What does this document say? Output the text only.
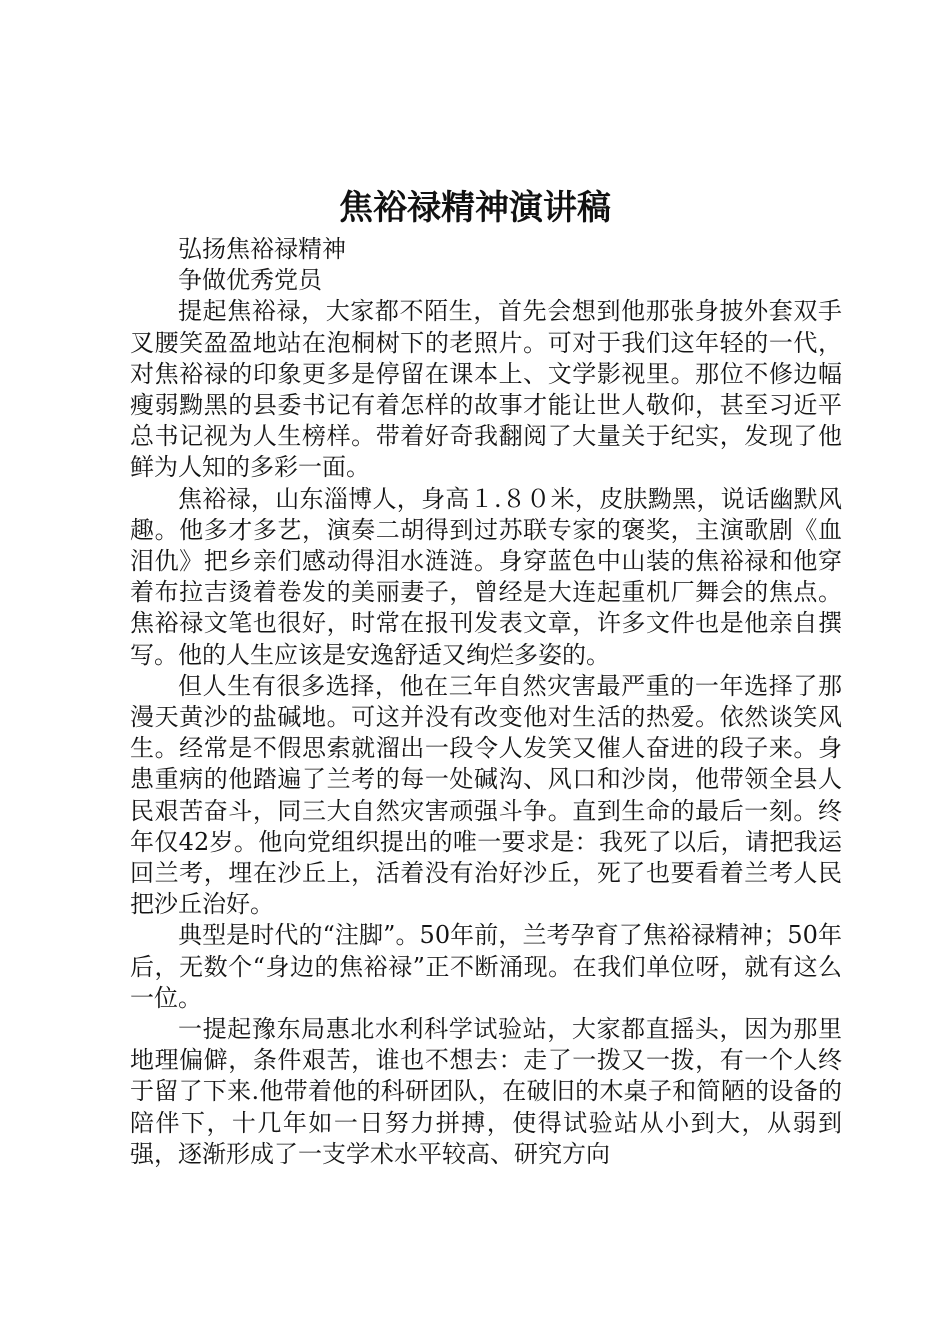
焦裕禄精神演讲稿

弘扬焦裕禄精神

争做优秀党员

提起焦裕禄，大家都不陌生，首先会想到他那张身披外套双手叉腰笑盈盈地站在泡桐树下的老照片。可对于我们这年轻的一代，对焦裕禄的印象更多是停留在课本上、文学影视里。那位不修边幅瘦弱黝黑的县委书记有着怎样的故事才能让世人敬仰，甚至习近平总书记视为人生榜样。带着好奇我翻阅了大量关于纪实，发现了他鲜为人知的多彩一面。

焦裕禄，山东淄博人，身高１.８０米，皮肤黝黑，说话幽默风趣。他多才多艺，演奏二胡得到过苏联专家的褒奖，主演歌剧《血泪仇》把乡亲们感动得泪水涟涟。身穿蓝色中山装的焦裕禄和他穿着布拉吉烫着卷发的美丽妻子，曾经是大连起重机厂舞会的焦点。焦裕禄文笔也很好，时常在报刊发表文章，许多文件也是他亲自撰写。他的人生应该是安逸舒适又绚烂多姿的。

但人生有很多选择，他在三年自然灾害最严重的一年选择了那漫天黄沙的盐碱地。可这并没有改变他对生活的热爱。依然谈笑风生。经常是不假思索就溜出一段令人发笑又催人奋进的段子来。身患重病的他踏遍了兰考的每一处碱沟、风口和沙岗，他带领全县人民艰苦奋斗，同三大自然灾害顽强斗争。直到生命的最后一刻。终年仅42岁。他向党组织提出的唯一要求是：我死了以后，请把我运回兰考，埋在沙丘上，活着没有治好沙丘，死了也要看着兰考人民把沙丘治好。

典型是时代的“注脚”。50年前，兰考孕育了焦裕禄精神；50年后，无数个“身边的焦裕禄”正不断涌现。在我们单位呀，就有这么一位。

一提起豫东局惠北水利科学试验站，大家都直摇头，因为那里地理偏僻，条件艰苦，谁也不想去：走了一拨又一拨，有一个人终于留了下来.他带着他的科研团队，在破旧的木桌子和简陋的设备的陪伴下，十几年如一日努力拼搏，使得试验站从小到大，从弱到强，逐渐形成了一支学术水平较高、研究方向
